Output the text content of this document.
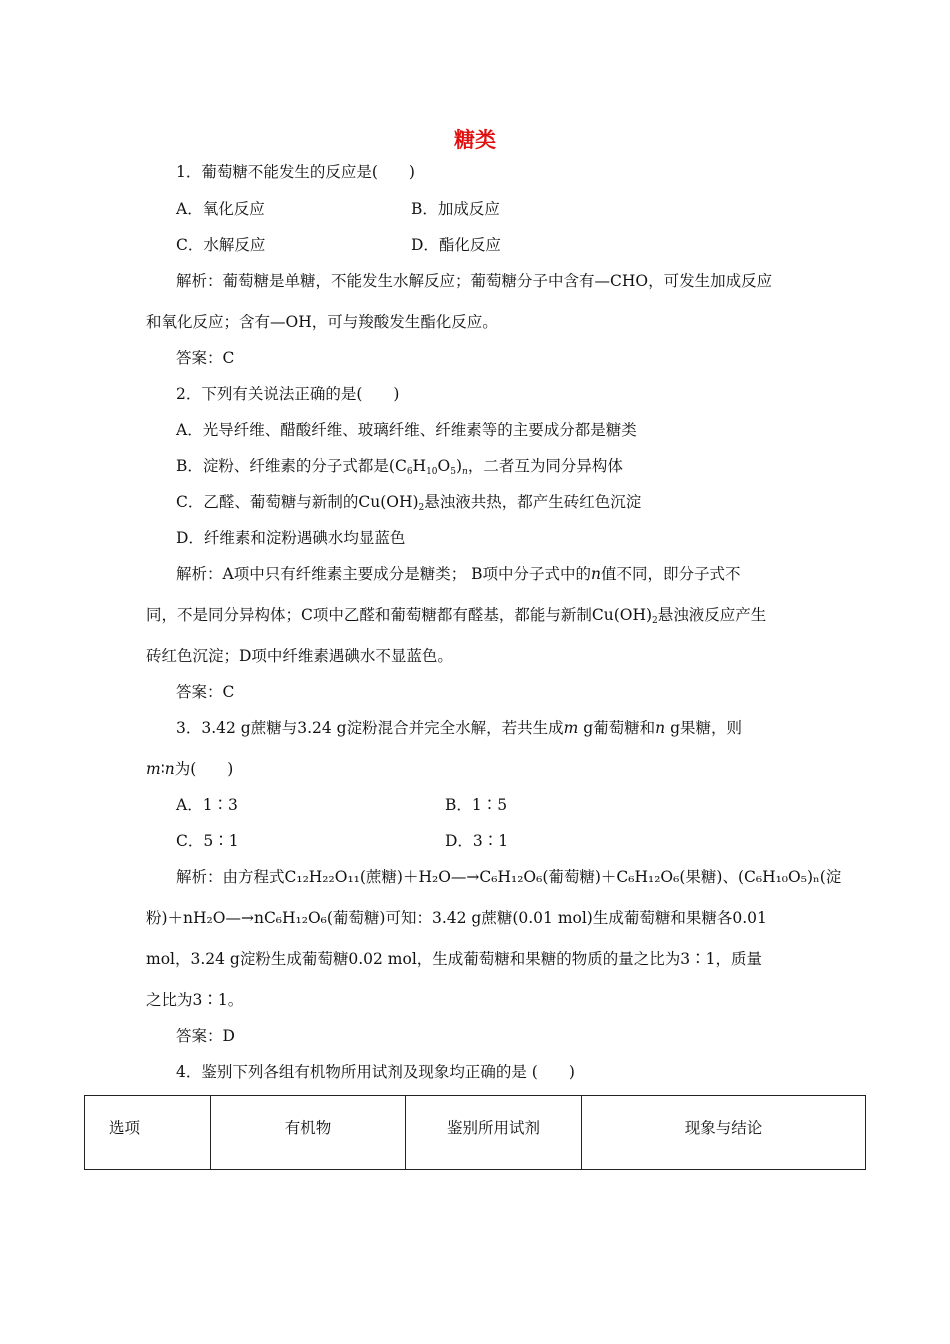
糖类
1．葡萄糖不能发生的反应是(　　)
A．氧化反应	B．加成反应
C．水解反应	D．酯化反应
解析：葡萄糖是单糖，不能发生水解反应；葡萄糖分子中含有—CHO，可发生加成反应
和氧化反应；含有—OH，可与羧酸发生酯化反应。
答案：C
2．下列有关说法正确的是(　　)
A．光导纤维、醋酸纤维、玻璃纤维、纤维素等的主要成分都是糖类
B．淀粉、纤维素的分子式都是$(C_6H_{10}O_5)_n$，二者互为同分异构体
C．乙醛、葡萄糖与新制的$Cu(OH)_2$悬浊液共热，都产生砖红色沉淀
D．纤维素和淀粉遇碘水均显蓝色
解析：A项中只有纤维素主要成分是糖类； B项中分子式中的n值不同，即分子式不
同，不是同分异构体；C项中乙醛和葡萄糖都有醛基，都能与新制$Cu(OH)_2$悬浊液反应产生
砖红色沉淀；D项中纤维素遇碘水不显蓝色。
答案：C
3．3.42 g蔗糖与3.24 g淀粉混合并完全水解，若共生成m g葡萄糖和n g果糖，则
m∶n为(　　)
A．1∶3	B．1∶5
C．5∶1	D．3∶1
解析：由方程式C₁₂H₂₂O₁₁(蔗糖)＋H₂O—→C₆H₁₂O₆(葡萄糖)＋C₆H₁₂O₆(果糖)、(C₆H₁₀O₅)ₙ(淀
粉)＋nH₂O—→nC₆H₁₂O₆(葡萄糖)可知：3.42 g蔗糖(0.01 mol)生成葡萄糖和果糖各0.01
mol，3.24 g淀粉生成葡萄糖0.02 mol，生成葡萄糖和果糖的物质的量之比为3∶1，质量
之比为3∶1。
答案：D
4．鉴别下列各组有机物所用试剂及现象均正确的是 (　　)
选项	有机物	鉴别所用试剂	现象与结论
